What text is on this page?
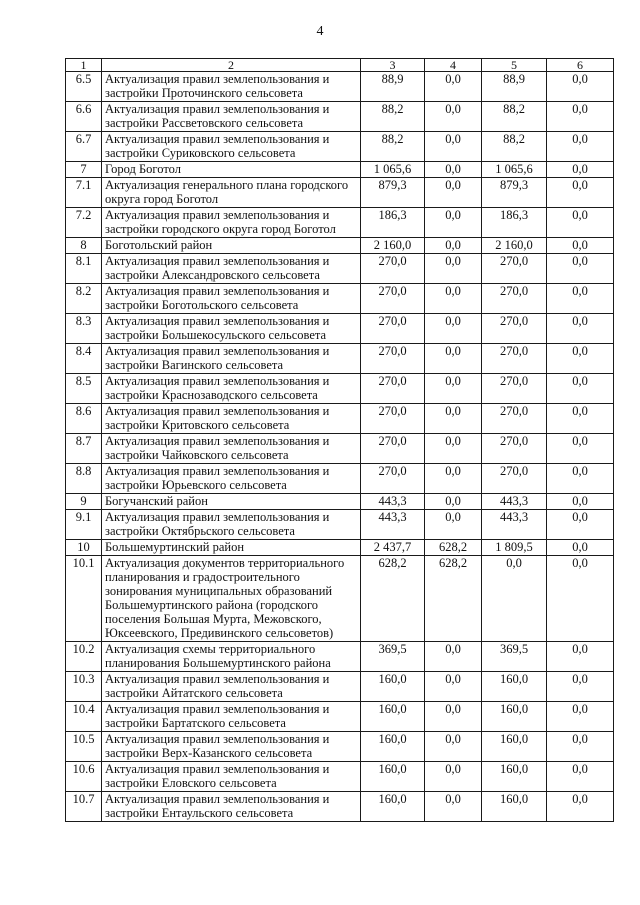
4
1	2	3	4	5	6
6.5	Актуализация правил землепользования и застройки Проточинского сельсовета	88,9	0,0	88,9	0,0
6.6	Актуализация правил землепользования и застройки Рассветовского сельсовета	88,2	0,0	88,2	0,0
6.7	Актуализация правил землепользования и застройки Суриковского сельсовета	88,2	0,0	88,2	0,0
7	Город Боготол	1 065,6	0,0	1 065,6	0,0
7.1	Актуализация генерального плана городского округа город Боготол	879,3	0,0	879,3	0,0
7.2	Актуализация правил землепользования и застройки городского округа город Боготол	186,3	0,0	186,3	0,0
8	Боготольский район	2 160,0	0,0	2 160,0	0,0
8.1	Актуализация правил землепользования и застройки Александровского сельсовета	270,0	0,0	270,0	0,0
8.2	Актуализация правил землепользования и застройки Боготольского сельсовета	270,0	0,0	270,0	0,0
8.3	Актуализация правил землепользования и застройки Большекосульского сельсовета	270,0	0,0	270,0	0,0
8.4	Актуализация правил землепользования и застройки Вагинского сельсовета	270,0	0,0	270,0	0,0
8.5	Актуализация правил землепользования и застройки Краснозаводского сельсовета	270,0	0,0	270,0	0,0
8.6	Актуализация правил землепользования и застройки Критовского сельсовета	270,0	0,0	270,0	0,0
8.7	Актуализация правил землепользования и застройки Чайковского сельсовета	270,0	0,0	270,0	0,0
8.8	Актуализация правил землепользования и застройки Юрьевского сельсовета	270,0	0,0	270,0	0,0
9	Богучанский район	443,3	0,0	443,3	0,0
9.1	Актуализация правил землепользования и застройки Октябрьского сельсовета	443,3	0,0	443,3	0,0
10	Большемуртинский район	2 437,7	628,2	1 809,5	0,0
10.1	Актуализация документов территориального планирования и градостроительного зонирования муниципальных образований Большемуртинского района (городского поселения Большая Мурта, Межовского, Юксеевского, Предивинского сельсоветов)	628,2	628,2	0,0	0,0
10.2	Актуализация схемы территориального планирования Большемуртинского района	369,5	0,0	369,5	0,0
10.3	Актуализация правил землепользования и застройки Айтатского сельсовета	160,0	0,0	160,0	0,0
10.4	Актуализация правил землепользования и застройки Бартатского сельсовета	160,0	0,0	160,0	0,0
10.5	Актуализация правил землепользования и застройки Верх-Казанского сельсовета	160,0	0,0	160,0	0,0
10.6	Актуализация правил землепользования и застройки Еловского сельсовета	160,0	0,0	160,0	0,0
10.7	Актуализация правил землепользования и застройки Ентаульского сельсовета	160,0	0,0	160,0	0,0
